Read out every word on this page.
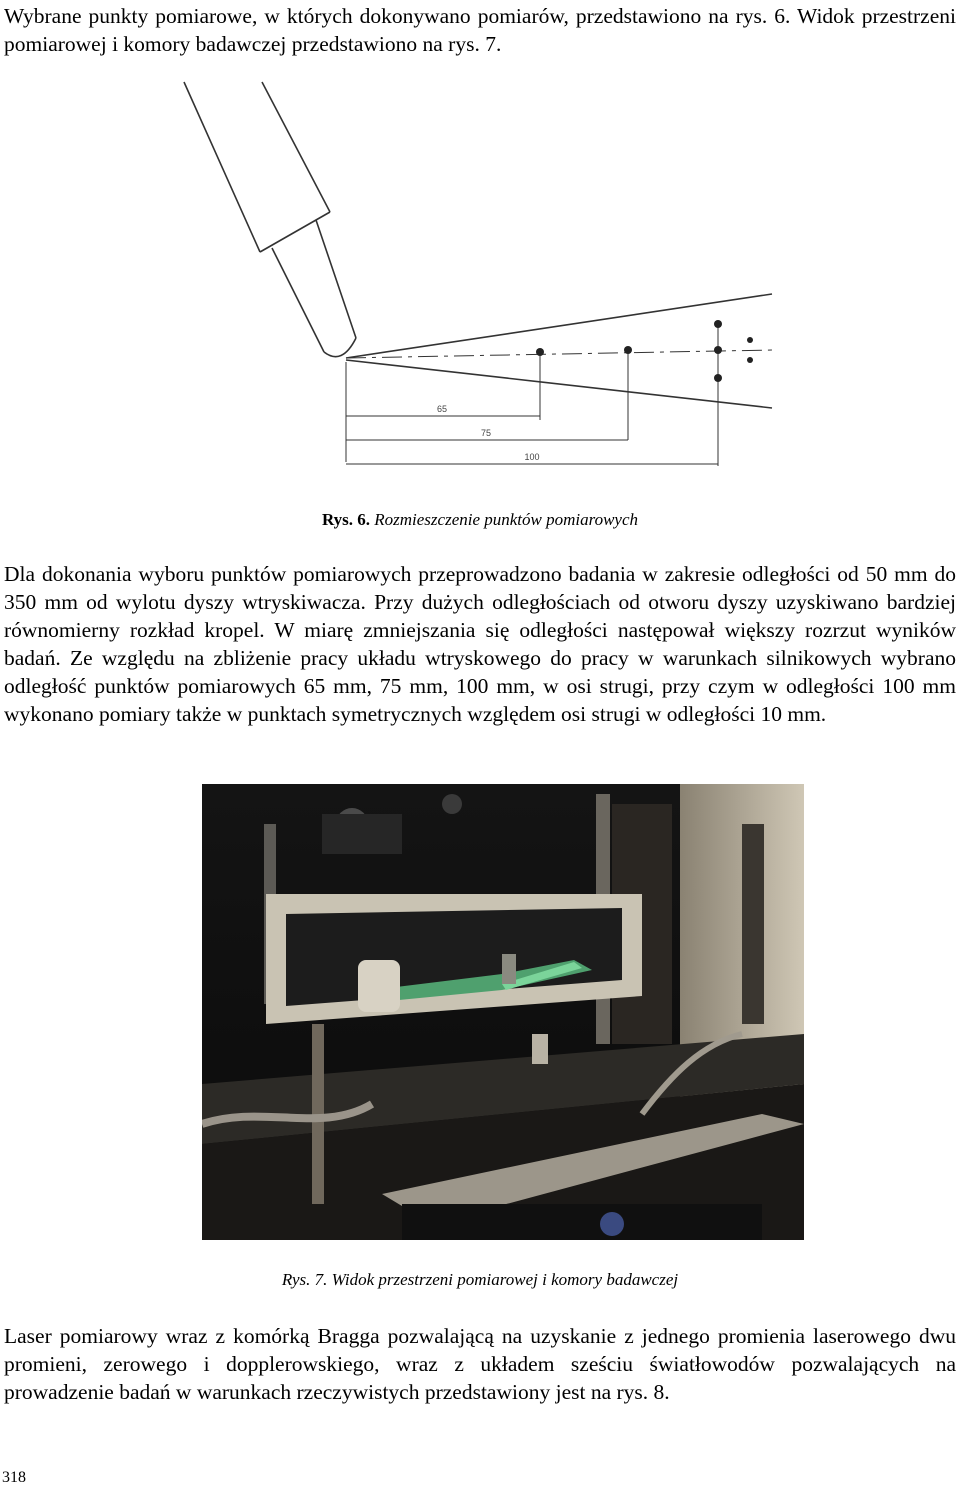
Wybrane punkty pomiarowe, w których dokonywano pomiarów, przedstawiono na rys. 6. Widok przestrzeni pomiarowej i komory badawczej przedstawiono na rys. 7.

65
75
100

Rys. 6. Rozmieszczenie punktów pomiarowych

Dla dokonania wyboru punktów pomiarowych przeprowadzono badania w zakresie odległości od 50 mm do 350 mm od wylotu dyszy wtryskiwacza. Przy dużych odległościach od otworu dyszy uzyskiwano bardziej równomierny rozkład kropel. W miarę zmniejszania się odległości następował większy rozrzut wyników badań. Ze względu na zbliżenie pracy układu wtryskowego do pracy w warunkach silnikowych wybrano odległość punktów pomiarowych 65 mm, 75 mm, 100 mm, w osi strugi, przy czym w odległości 100 mm wykonano pomiary także w punktach symetrycznych względem osi strugi w odległości 10 mm.

Rys. 7. Widok przestrzeni pomiarowej i komory badawczej

Laser pomiarowy wraz z komórką Bragga pozwalającą na uzyskanie z jednego promienia laserowego dwu promieni, zerowego i dopplerowskiego, wraz z układem sześciu światłowodów pozwalających na prowadzenie badań w warunkach rzeczywistych przedstawiony jest na rys. 8.

318
